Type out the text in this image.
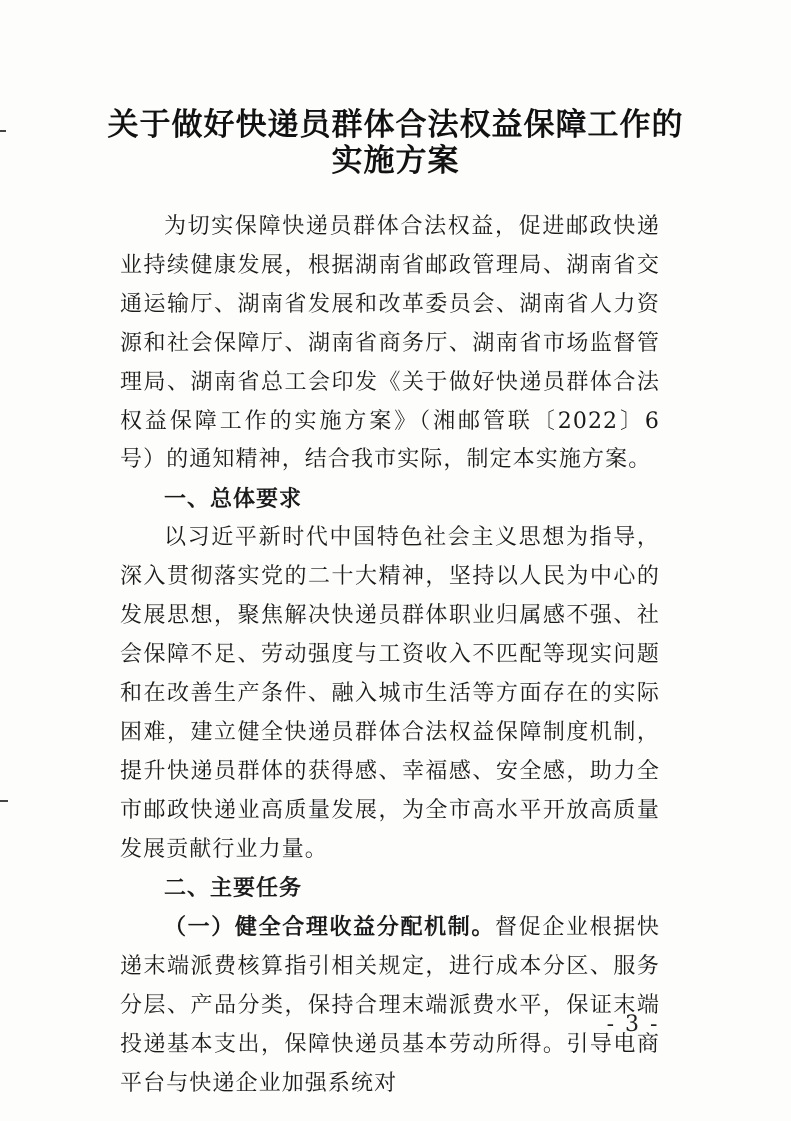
关于做好快递员群体合法权益保障工作的
实施方案

为切实保障快递员群体合法权益，促进邮政快递业持续健康发展，根据湖南省邮政管理局、湖南省交通运输厅、湖南省发展和改革委员会、湖南省人力资源和社会保障厅、湖南省商务厅、湖南省市场监督管理局、湖南省总工会印发《关于做好快递员群体合法权益保障工作的实施方案》（湘邮管联〔2022〕6 号）的通知精神，结合我市实际，制定本实施方案。

一、总体要求

以习近平新时代中国特色社会主义思想为指导，深入贯彻落实党的二十大精神，坚持以人民为中心的发展思想，聚焦解决快递员群体职业归属感不强、社会保障不足、劳动强度与工资收入不匹配等现实问题和在改善生产条件、融入城市生活等方面存在的实际困难，建立健全快递员群体合法权益保障制度机制，提升快递员群体的获得感、幸福感、安全感，助力全市邮政快递业高质量发展，为全市高水平开放高质量发展贡献行业力量。

二、主要任务

（一）健全合理收益分配机制。督促企业根据快递末端派费核算指引相关规定，进行成本分区、服务分层、产品分类，保持合理末端派费水平，保证末端投递基本支出，保障快递员基本劳动所得。引导电商平台与快递企业加强系统对

- 3 -
